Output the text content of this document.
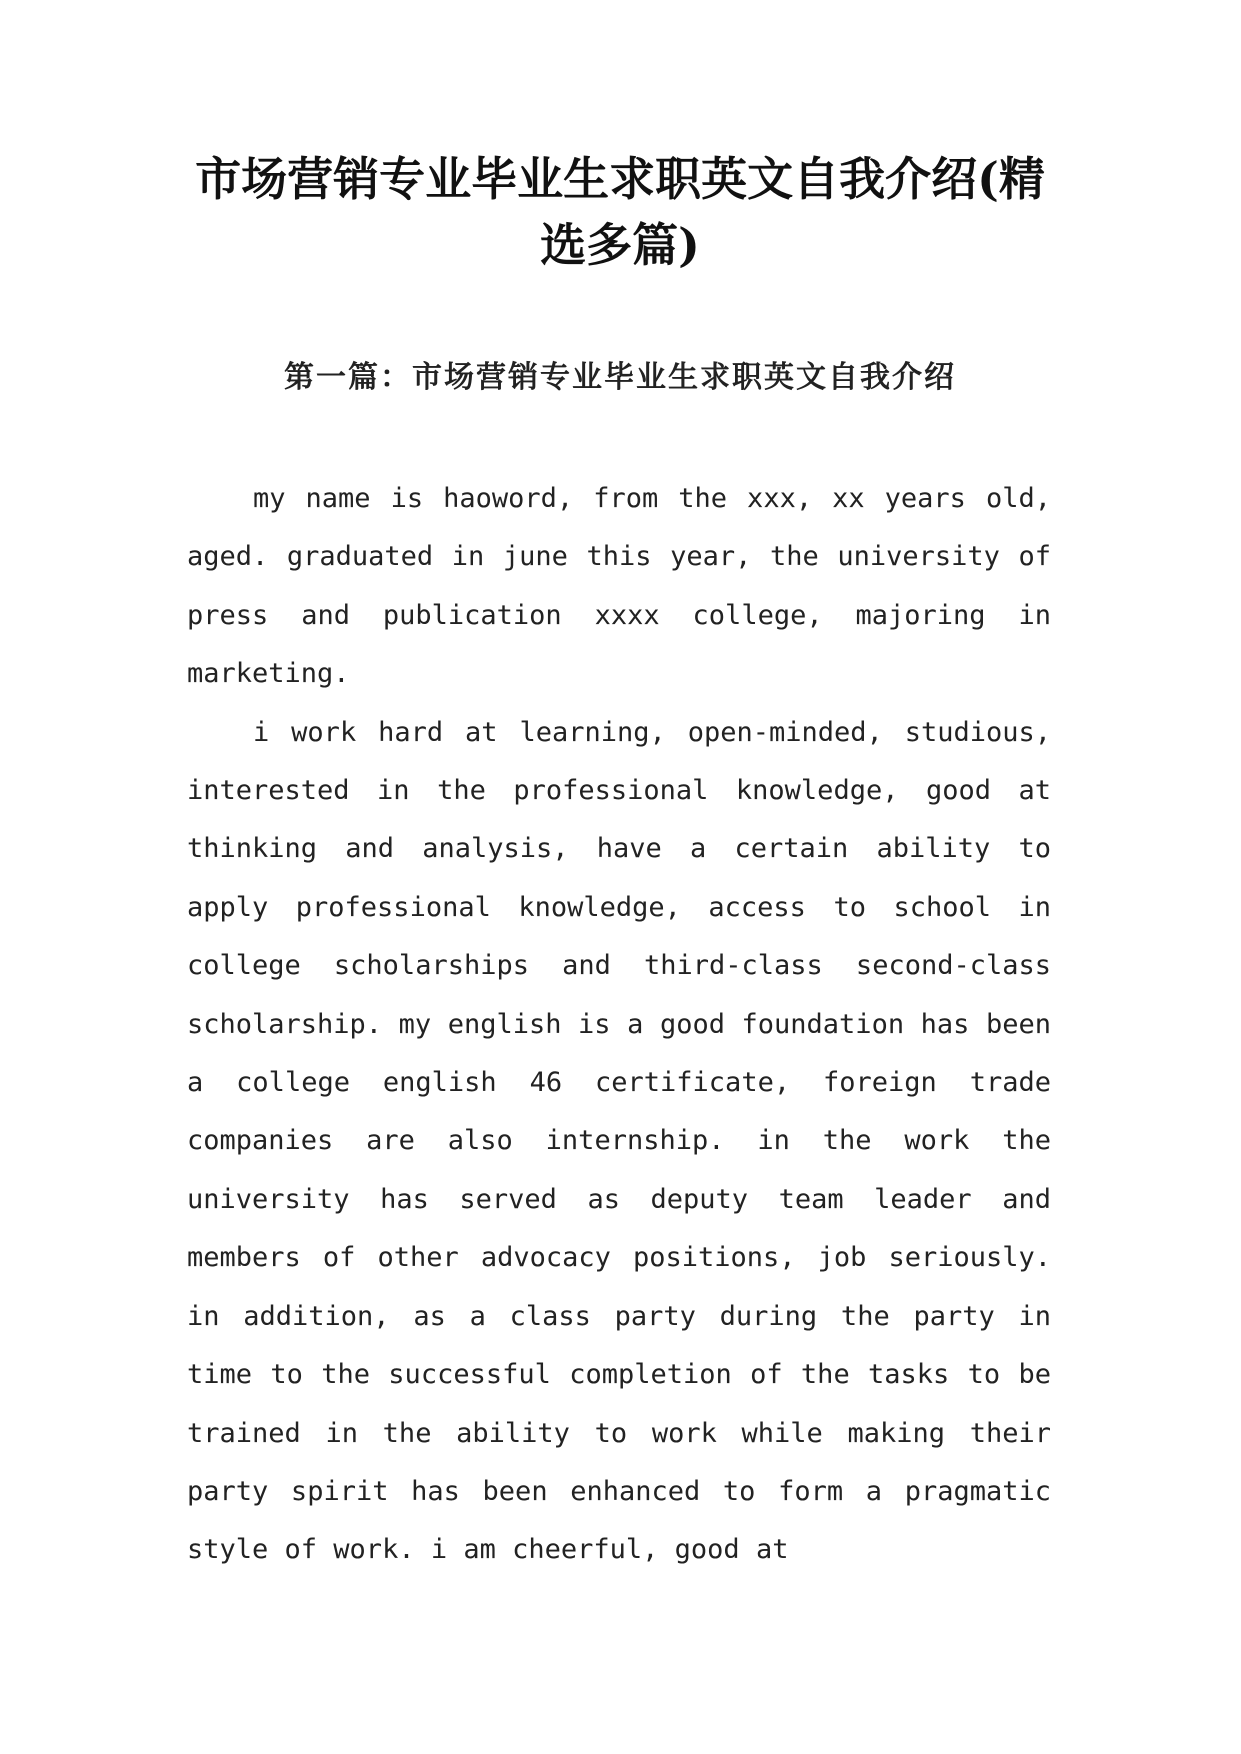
市场营销专业毕业生求职英文自我介绍(精选多篇)
第一篇：市场营销专业毕业生求职英文自我介绍

my name is haoword, from the xxx, xx years old, aged. graduated in june this year, the university of press and publication xxxx college, majoring in marketing.

i work hard at learning, open-minded, studious, interested in the professional knowledge, good at thinking and analysis, have a certain ability to apply professional knowledge, access to school in college scholarships and third-class second-class scholarship. my english is a good foundation has been a college english 46 certificate, foreign trade companies are also internship. in the work the university has served as deputy team leader and members of other advocacy positions, job seriously. in addition, as a class party during the party in time to the successful completion of the tasks to be trained in the ability to work while making their party spirit has been enhanced to form a pragmatic style of work. i am cheerful, good at
